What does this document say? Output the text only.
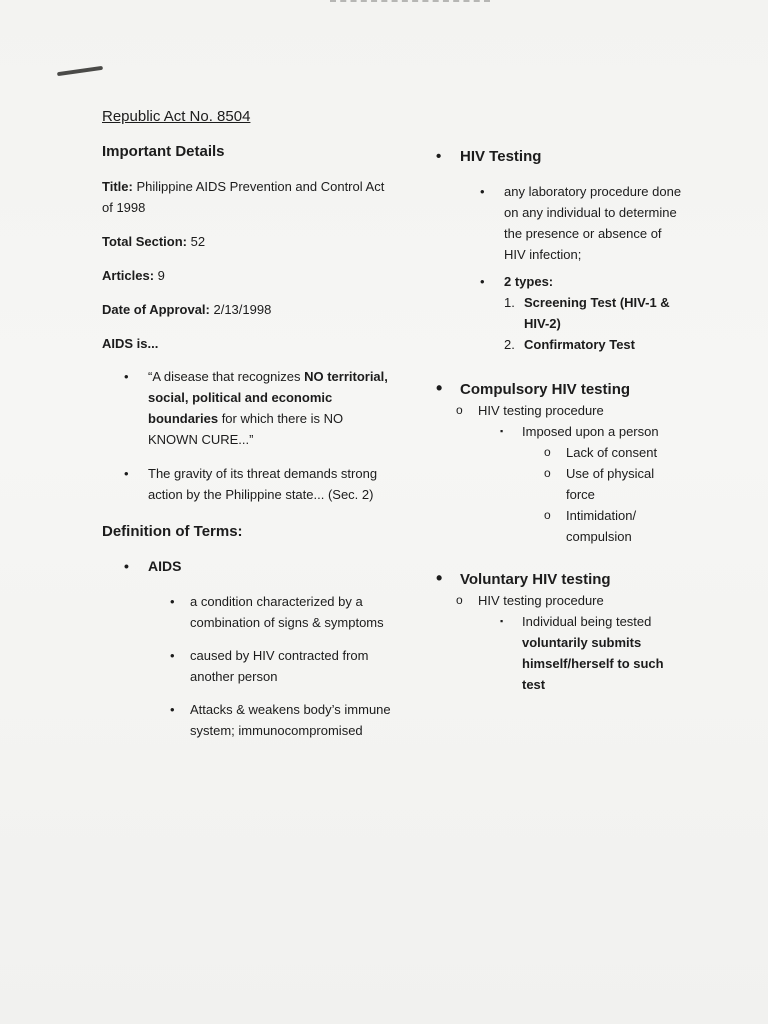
Republic Act No. 8504
Important Details
Title: Philippine AIDS Prevention and Control Act of 1998
Total Section: 52
Articles: 9
Date of Approval: 2/13/1998
AIDS is...
• “A disease that recognizes NO territorial, social, political and economic boundaries for which there is NO KNOWN CURE...”
• The gravity of its threat demands strong action by the Philippine state... (Sec. 2)
Definition of Terms:
• AIDS
• a condition characterized by a combination of signs & symptoms
• caused by HIV contracted from another person
• Attacks & weakens body’s immune system; immunocompromised
• HIV Testing
• any laboratory procedure done on any individual to determine the presence or absence of HIV infection;
• 2 types:
1. Screening Test (HIV-1 & HIV-2)
2. Confirmatory Test
• Compulsory HIV testing
o HIV testing procedure
▪ Imposed upon a person
o Lack of consent
o Use of physical force
o Intimidation/ compulsion
• Voluntary HIV testing
o HIV testing procedure
▪ Individual being tested voluntarily submits himself/herself to such test
